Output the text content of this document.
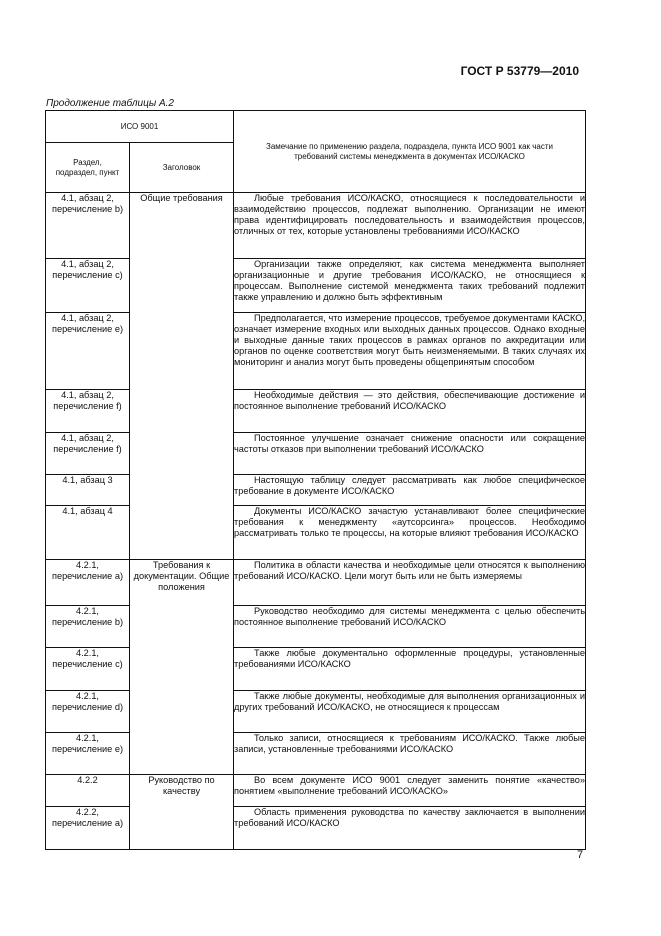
ГОСТ Р 53779—2010
Продолжение таблицы А.2
ИСО 9001		Замечание по применению раздела, подраздела, пункта ИСО 9001 как части требований системы менеджмента в документах ИСО/КАСКО
Раздел, подраздел, пункт	Заголовок	
4.1, абзац 2, перечисление b)	Общие требования	Любые требования ИСО/КАСКО, относящиеся к последовательности и взаимодействию процессов, подлежат выполнению. Организации не имеют права идентифицировать последовательность и взаимодействия процессов, отличных от тех, которые установлены требованиями ИСО/КАСКО

4.1, абзац 2, перечисление c)		Организации также определяют, как система менеджмента выполняет организационные и другие требования ИСО/КАСКО, не относящиеся к процессам. Выполнение системой менеджмента таких требований подлежит также управлению и должно быть эффективным

4.1, абзац 2, перечисление e)		Предполагается, что измерение процессов, требуемое документами КАСКО, означает измерение входных или выходных данных процессов. Однако входные и выходные данные таких процессов в рамках органов по аккредитации или органов по оценке соответствия могут быть неизменяемыми. В таких случаях их мониторинг и анализ могут быть проведены общепринятым способом

4.1, абзац 2, перечисление f)		Необходимые действия — это действия, обеспечивающие достижение и постоянное выполнение требований ИСО/КАСКО

4.1, абзац 2, перечисление f)		Постоянное улучшение означает снижение опасности или сокращение частоты отказов при выполнении требований ИСО/КАСКО

4.1, абзац 3		Настоящую таблицу следует рассматривать как любое специфическое требование в документе ИСО/КАСКО

4.1, абзац 4		Документы ИСО/КАСКО зачастую устанавливают более специфические требования к менеджменту «аутсорсинга» процессов. Необходимо рассматривать только те процессы, на которые влияют требования ИСО/КАСКО

4.2.1, перечисление a)	Требования к документации. Общие положения	Политика в области качества и необходимые цели относятся к выполнению требований ИСО/КАСКО. Цели могут быть или не быть измеряемы

4.2.1, перечисление b)		Руководство необходимо для системы менеджмента с целью обеспечить постоянное выполнение требований ИСО/КАСКО

4.2.1, перечисление c)		Также любые документально оформленные процедуры, установленные требованиями ИСО/КАСКО

4.2.1, перечисление d)		Также любые документы, необходимые для выполнения организационных и других требований ИСО/КАСКО, не относящиеся к процессам

4.2.1, перечисление e)		Только записи, относящиеся к требованиям ИСО/КАСКО. Также любые записи, установленные требованиями ИСО/КАСКО

4.2.2	Руководство по качеству	Во всем документе ИСО 9001 следует заменить понятие «качество» понятием «выполнение требований ИСО/КАСКО»

4.2.2, перечисление a)		Область применения руководства по качеству заключается в выполнении требований ИСО/КАСКО
7
